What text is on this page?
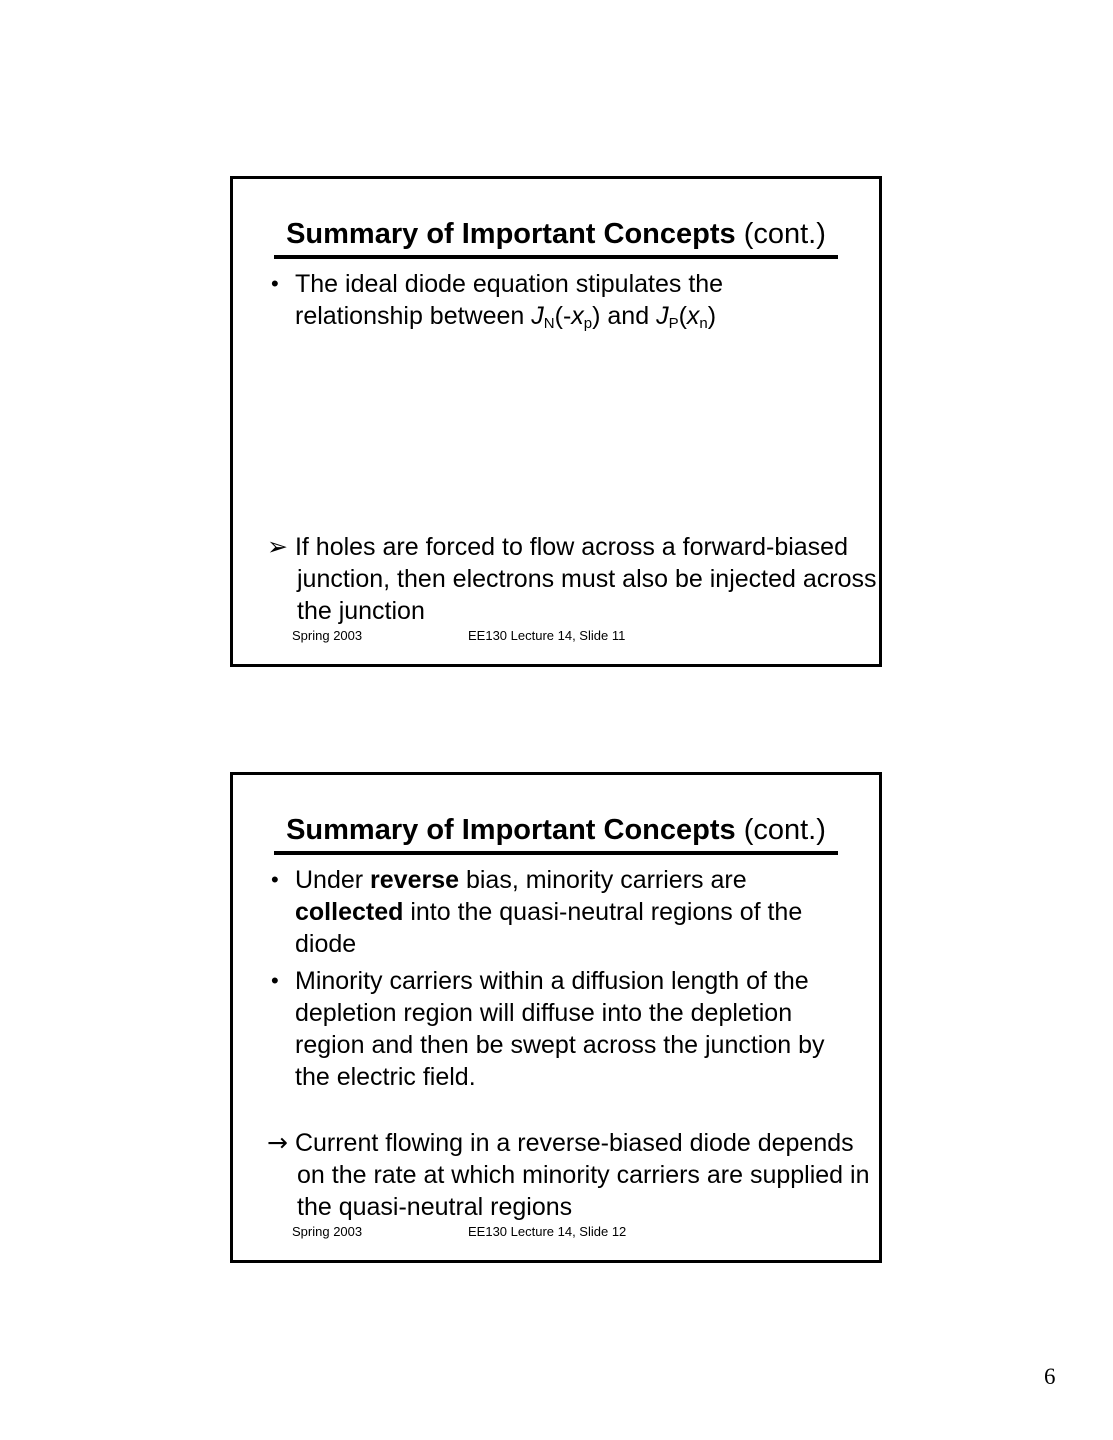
Summary of Important Concepts (cont.)
• The ideal diode equation stipulates the relationship between $J_N(-x_p)$ and $J_P(x_n)$
➢ If holes are forced to flow across a forward-biased junction, then electrons must also be injected across the junction
Spring 2003	EE130 Lecture 14, Slide 11
Summary of Important Concepts (cont.)
• Under reverse bias, minority carriers are collected into the quasi-neutral regions of the diode
• Minority carriers within a diffusion length of the depletion region will diffuse into the depletion region and then be swept across the junction by the electric field.
→ Current flowing in a reverse-biased diode depends on the rate at which minority carriers are supplied in the quasi-neutral regions
Spring 2003	EE130 Lecture 14, Slide 12
6
